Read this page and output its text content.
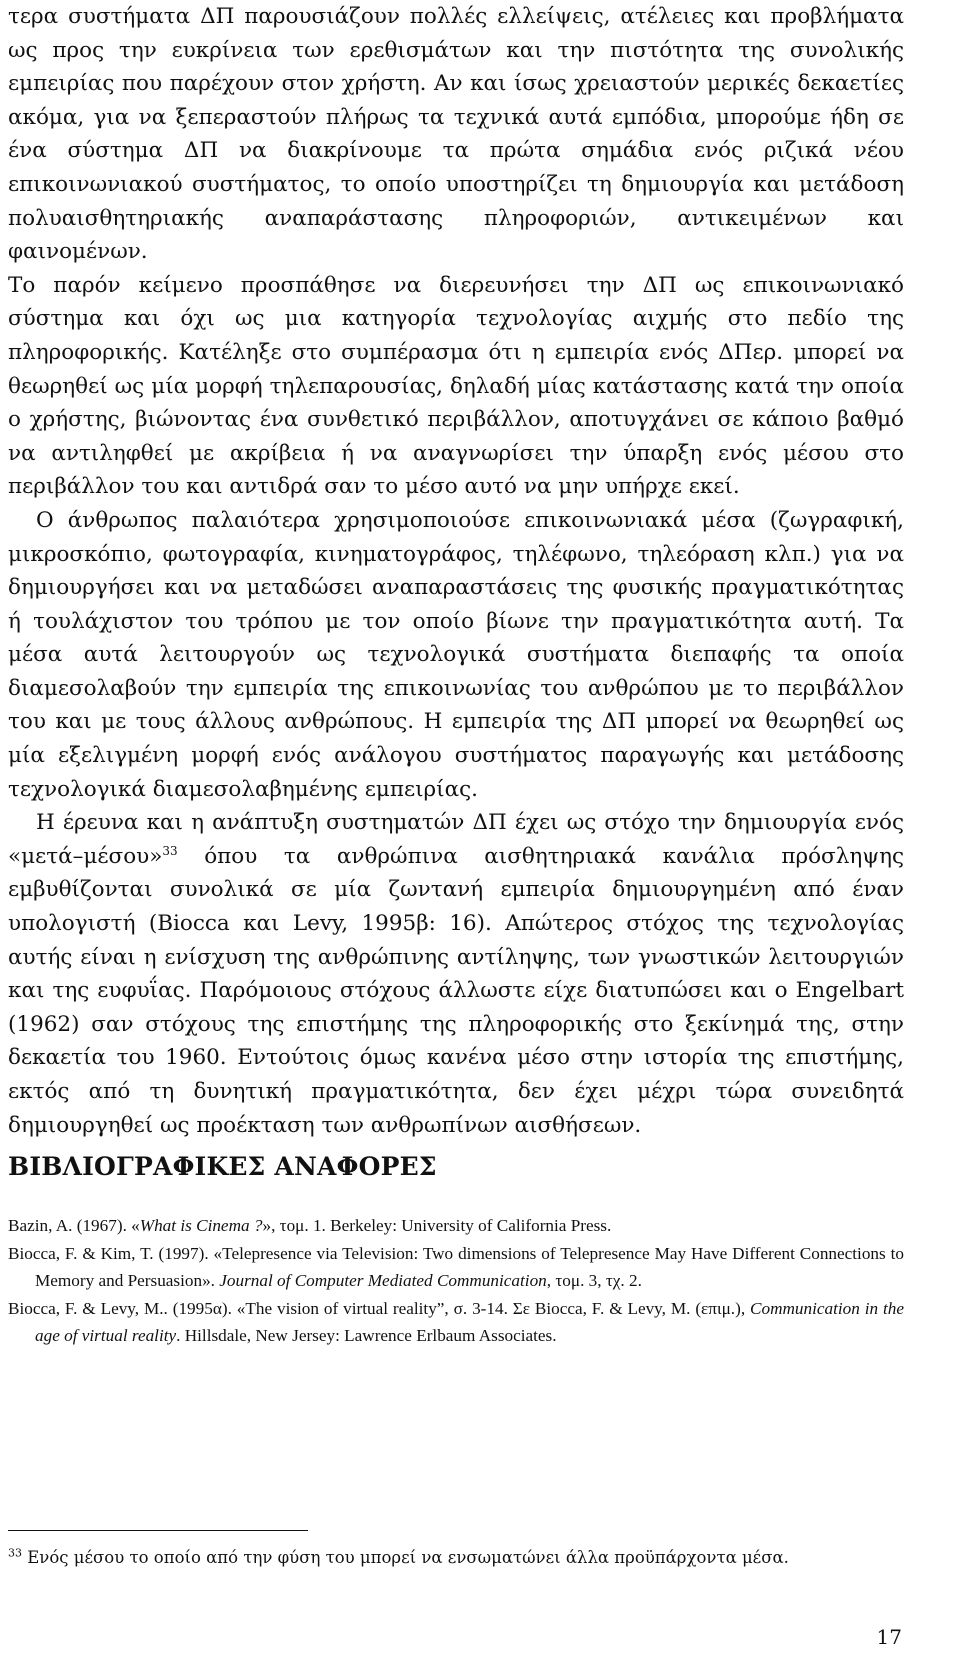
τερα συστήματα ΔΠ παρουσιάζουν πολλές ελλείψεις, ατέλειες και προβλήματα ως προς την ευκρίνεια των ερεθισμάτων και την πιστότητα της συνολικής εμπειρίας που παρέχουν στον χρήστη. Αν και ίσως χρειαστούν μερικές δεκαετίες ακόμα, για να ξεπεραστούν πλήρως τα τεχνικά αυτά εμπόδια, μπορούμε ήδη σε ένα σύστημα ΔΠ να διακρίνουμε τα πρώτα σημάδια ενός ριζικά νέου επικοινωνιακού συστήματος, το οποίο υποστηρίζει τη δημιουργία και μετάδοση πολυαισθητηριακής αναπαράστασης πληροφοριών, αντικειμένων και φαινομένων.

Το παρόν κείμενο προσπάθησε να διερευνήσει την ΔΠ ως επικοινωνιακό σύστημα και όχι ως μια κατηγορία τεχνολογίας αιχμής στο πεδίο της πληροφορικής. Κατέληξε στο συμπέρασμα ότι η εμπειρία ενός ΔΠερ. μπορεί να θεωρηθεί ως μία μορφή τηλεπαρουσίας, δηλαδή μίας κατάστασης κατά την οποία ο χρήστης, βιώνοντας ένα συνθετικό περιβάλλον, αποτυγχάνει σε κάποιο βαθμό να αντιληφθεί με ακρίβεια ή να αναγνωρίσει την ύπαρξη ενός μέσου στο περιβάλλον του και αντιδρά σαν το μέσο αυτό να μην υπήρχε εκεί.

Ο άνθρωπος παλαιότερα χρησιμοποιούσε επικοινωνιακά μέσα (ζωγραφική, μικροσκόπιο, φωτογραφία, κινηματογράφος, τηλέφωνο, τηλεόραση κλπ.) για να δημιουργήσει και να μεταδώσει αναπαραστάσεις της φυσικής πραγματικότητας ή τουλάχιστον του τρόπου με τον οποίο βίωνε την πραγματικότητα αυτή. Τα μέσα αυτά λειτουργούν ως τεχνολογικά συστήματα διεπαφής τα οποία διαμεσολαβούν την εμπειρία της επικοινωνίας του ανθρώπου με το περιβάλλον του και με τους άλλους ανθρώπους. Η εμπειρία της ΔΠ μπορεί να θεωρηθεί ως μία εξελιγμένη μορφή ενός ανάλογου συστήματος παραγωγής και μετάδοσης τεχνολογικά διαμεσολαβημένης εμπειρίας.

Η έρευνα και η ανάπτυξη συστηματών ΔΠ έχει ως στόχο την δημιουργία ενός «μετά–μέσου»$^{33}$ όπου τα ανθρώπινα αισθητηριακά κανάλια πρόσληψης εμβυθίζονται συνολικά σε μία ζωντανή εμπειρία δημιουργημένη από έναν υπολογιστή (Biocca και Levy, 1995β: 16). Απώτερος στόχος της τεχνολογίας αυτής είναι η ενίσχυση της ανθρώπινης αντίληψης, των γνωστικών λειτουργιών και της ευφυΐας. Παρόμοιους στόχους άλλωστε είχε διατυπώσει και ο Engelbart (1962) σαν στόχους της επιστήμης της πληροφορικής στο ξεκίνημά της, στην δεκαετία του 1960. Εντούτοις όμως κανένα μέσο στην ιστορία της επιστήμης, εκτός από τη δυνητική πραγματικότητα, δεν έχει μέχρι τώρα συνειδητά δημιουργηθεί ως προέκταση των ανθρωπίνων αισθήσεων.

ΒΙΒΛΙΟΓΡΑΦΙΚΕΣ ΑΝΑΦΟΡΕΣ

Bazin, A. (1967). «What is Cinema ?», τομ. 1. Berkeley: University of California Press.

Biocca, F. & Kim, T. (1997). «Telepresence via Television: Two dimensions of Telepresence May Have Different Connections to Memory and Persuasion». Journal of Computer Mediated Communication, τομ. 3, τχ. 2.

Biocca, F. & Levy, M.. (1995α). «The vision of virtual reality”, σ. 3-14. Σε Biocca, F. & Levy, M. (επιμ.), Communication in the age of virtual reality. Hillsdale, New Jersey: Lawrence Erlbaum Associates.

$^{33}$ Ενός μέσου το οποίο από την φύση του μπορεί να ενσωματώνει άλλα προϋπάρχοντα μέσα.

17
